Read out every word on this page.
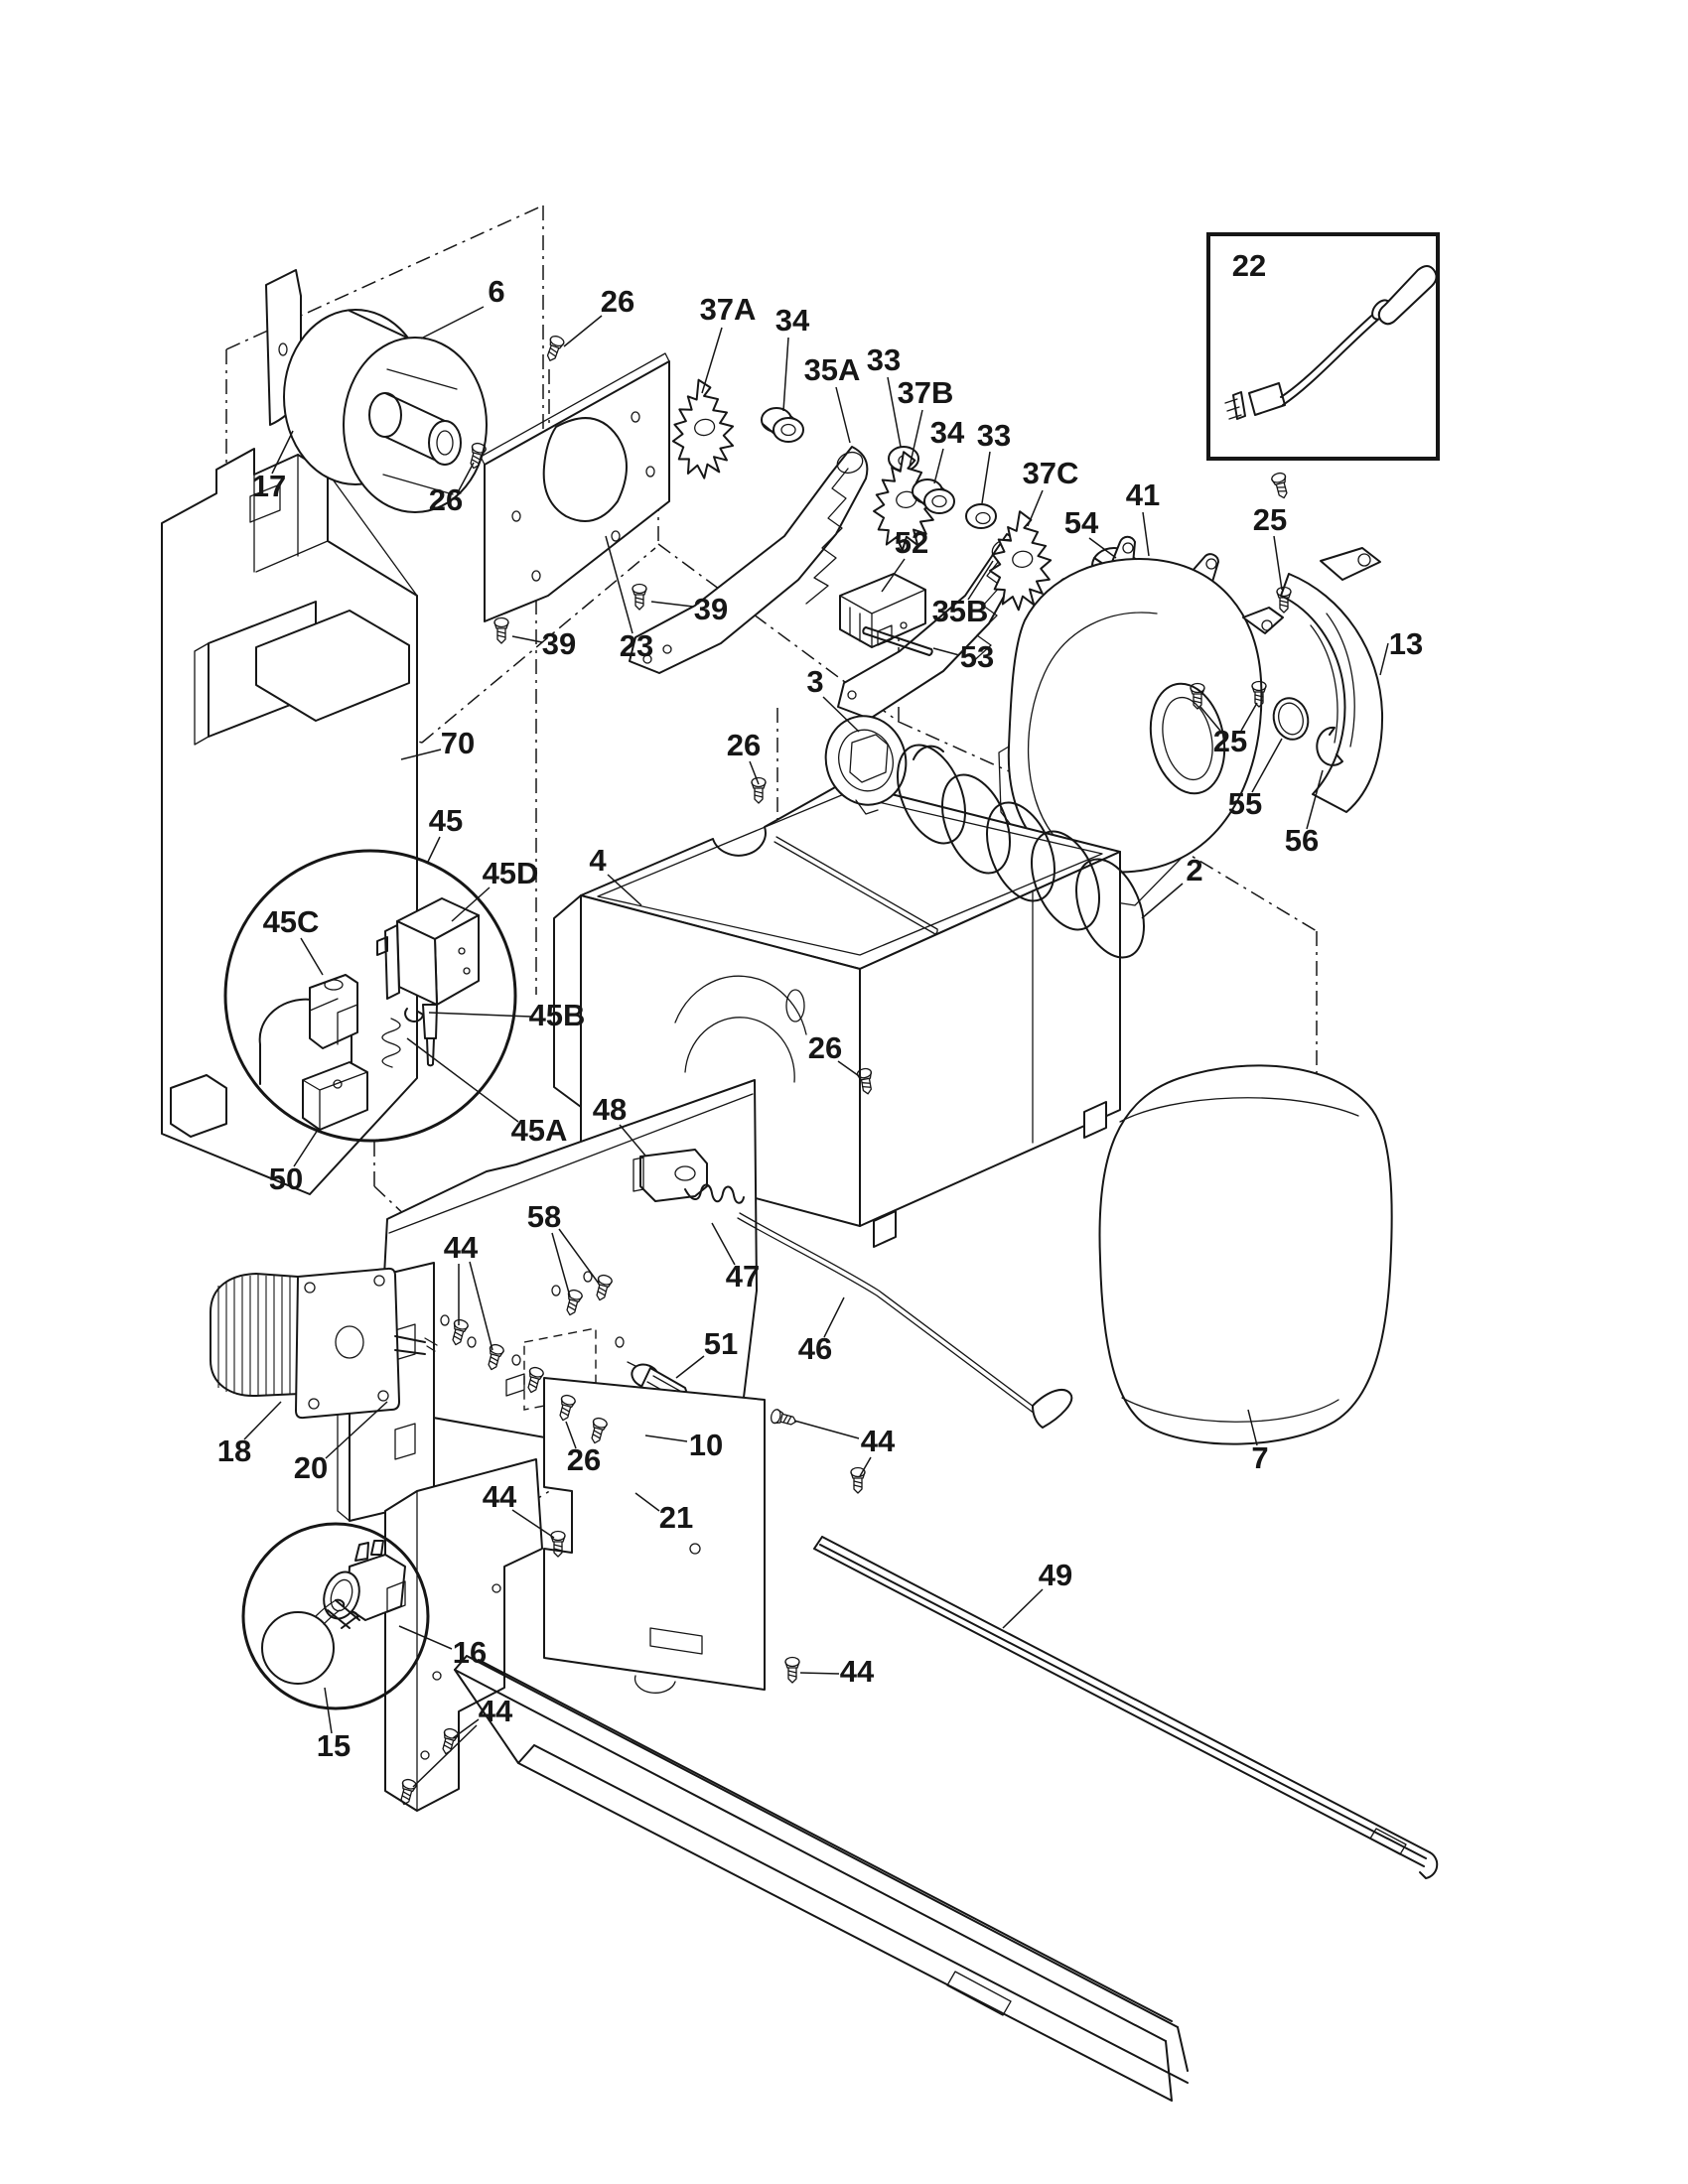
6	26 37A 34
35A 33
37B
34 33
37C
41
25
22
54
13
17	26
39 23
39
52
35B
53
3
25
55
56
70
45
45D
45C
45B
45A
50
4
26
2
26
48
58
44
47
51 46
10
26
21
44
18 20
44
16
15
44
44
49
7
